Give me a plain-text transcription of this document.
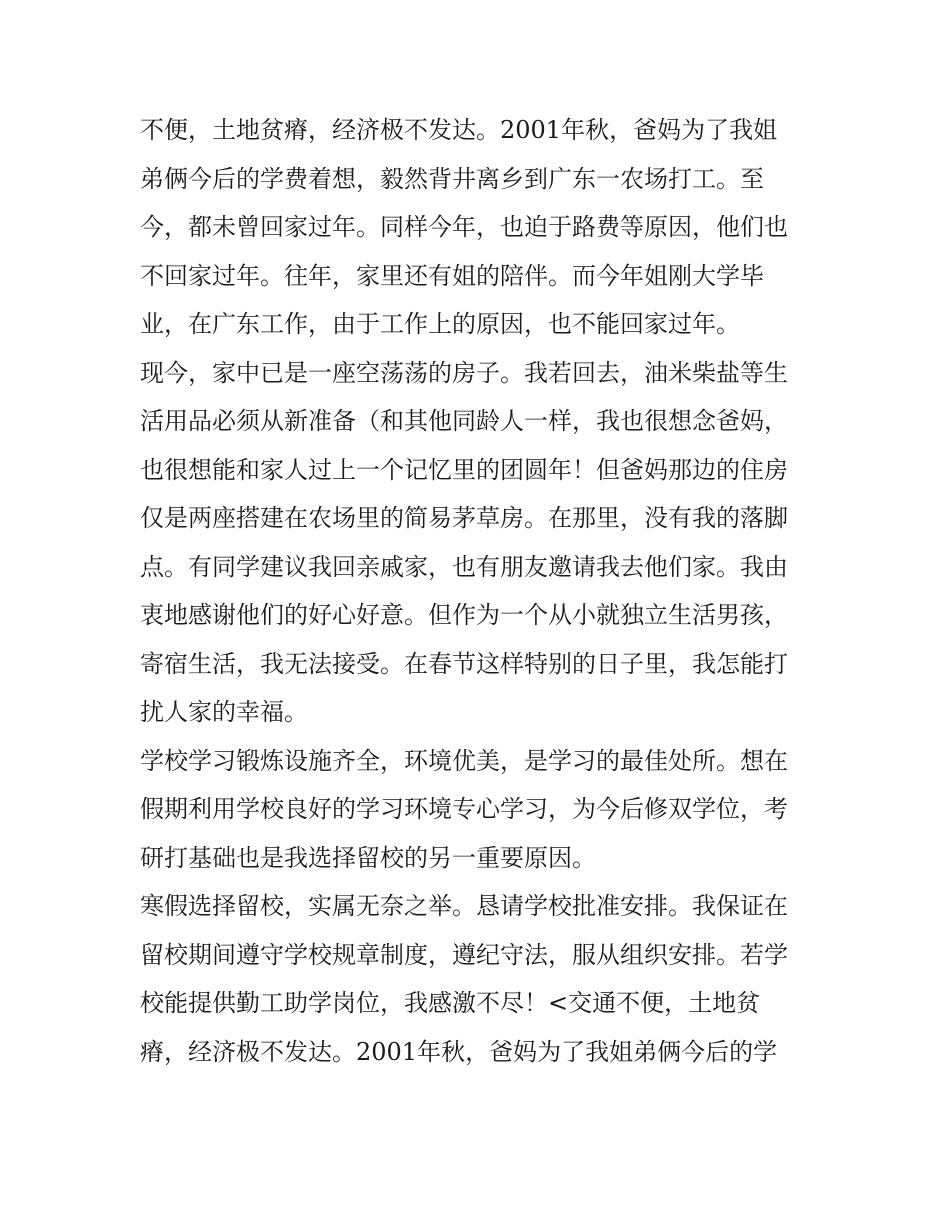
不便，土地贫瘠，经济极不发达。2001年秋，爸妈为了我姐
弟俩今后的学费着想，毅然背井离乡到广东一农场打工。至
今，都未曾回家过年。同样今年，也迫于路费等原因，他们也
不回家过年。往年，家里还有姐的陪伴。而今年姐刚大学毕
业，在广东工作，由于工作上的原因，也不能回家过年。
现今，家中已是一座空荡荡的房子。我若回去，油米柴盐等生
活用品必须从新准备（和其他同龄人一样，我也很想念爸妈，
也很想能和家人过上一个记忆里的团圆年！但爸妈那边的住房
仅是两座搭建在农场里的简易茅草房。在那里，没有我的落脚
点。有同学建议我回亲戚家，也有朋友邀请我去他们家。我由
衷地感谢他们的好心好意。但作为一个从小就独立生活男孩，
寄宿生活，我无法接受。在春节这样特别的日子里，我怎能打
扰人家的幸福。
学校学习锻炼设施齐全，环境优美，是学习的最佳处所。想在
假期利用学校良好的学习环境专心学习，为今后修双学位，考
研打基础也是我选择留校的另一重要原因。
寒假选择留校，实属无奈之举。恳请学校批准安排。我保证在
留校期间遵守学校规章制度，遵纪守法，服从组织安排。若学
校能提供勤工助学岗位，我感激不尽！<交通不便，土地贫
瘠，经济极不发达。2001年秋，爸妈为了我姐弟俩今后的学
